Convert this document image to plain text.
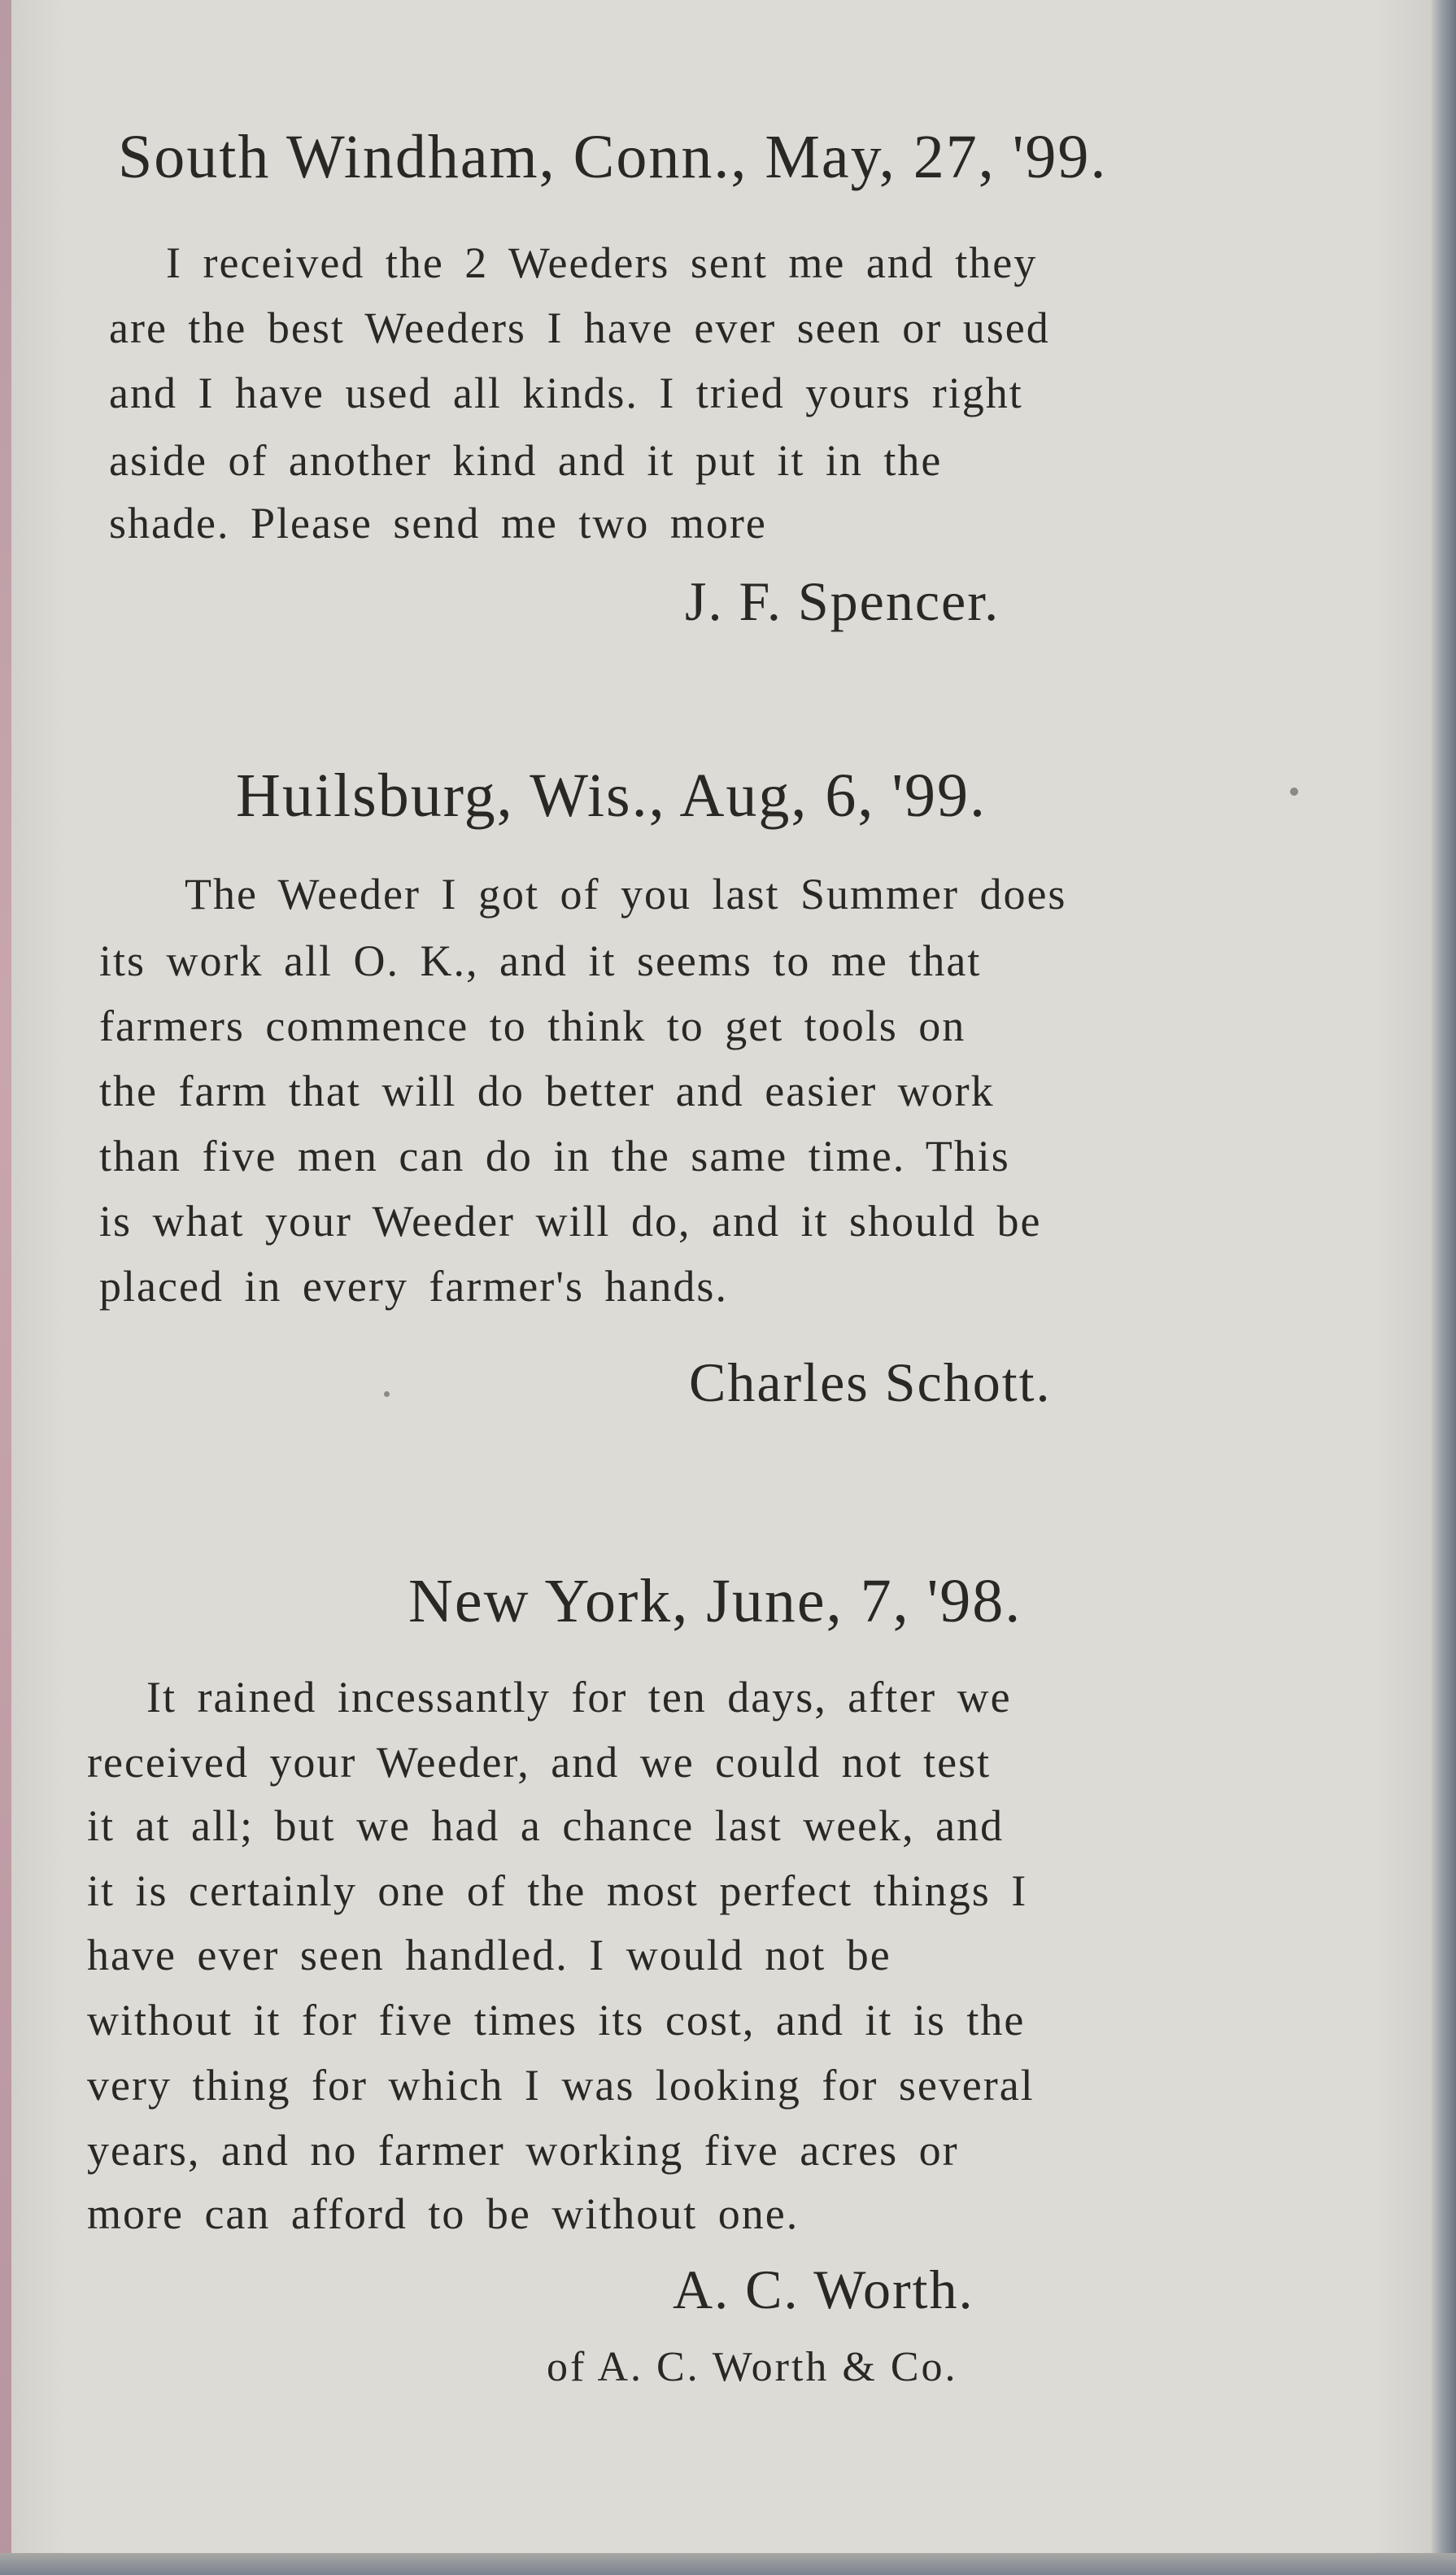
South Windham, Conn., May, 27, '99.
I received the 2 Weeders sent me and they
are the best Weeders I have ever seen or used
and I have used all kinds. I tried yours right
aside of another kind and it put it in the
shade. Please send me two more
J. F. Spencer.
Huilsburg, Wis., Aug, 6, '99.
The Weeder I got of you last Summer does
its work all O. K., and it seems to me that
farmers commence to think to get tools on
the farm that will do better and easier work
than five men can do in the same time. This
is what your Weeder will do, and it should be
placed in every farmer's hands.
Charles Schott.
New York, June, 7, '98.
It rained incessantly for ten days, after we
received your Weeder, and we could not test
it at all; but we had a chance last week, and
it is certainly one of the most perfect things I
have ever seen handled. I would not be
without it for five times its cost, and it is the
very thing for which I was looking for several
years, and no farmer working five acres or
more can afford to be without one.
A. C. Worth.
of A. C. Worth & Co.
